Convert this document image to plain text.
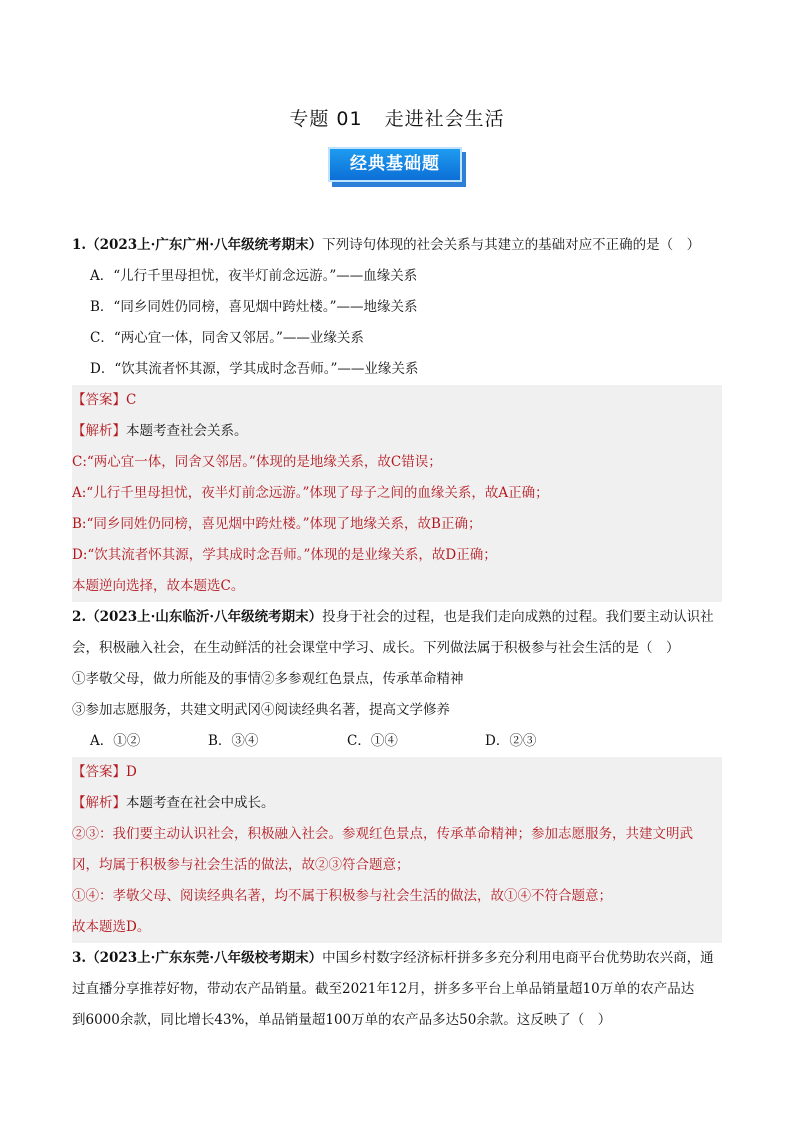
专题 01 走进社会生活
经典基础题
1.（2023上·广东广州·八年级统考期末）下列诗句体现的社会关系与其建立的基础对应不正确的是（　）
A．“儿行千里母担忧，夜半灯前念远游。”——血缘关系
B．“同乡同姓仍同榜，喜见烟中跨灶楼。”——地缘关系
C．“两心宜一体，同舍又邻居。”——业缘关系
D．“饮其流者怀其源，学其成时念吾师。”——业缘关系
【答案】C
【解析】本题考查社会关系。
C:“两心宜一体，同舍又邻居。”体现的是地缘关系，故C错误；
A:“儿行千里母担忧，夜半灯前念远游。”体现了母子之间的血缘关系，故A正确；
B:“同乡同姓仍同榜，喜见烟中跨灶楼。”体现了地缘关系，故B正确；
D:“饮其流者怀其源，学其成时念吾师。”体现的是业缘关系，故D正确；
本题逆向选择，故本题选C。
2.（2023上·山东临沂·八年级统考期末）投身于社会的过程，也是我们走向成熟的过程。我们要主动认识社
会，积极融入社会，在生动鲜活的社会课堂中学习、成长。下列做法属于积极参与社会生活的是（　）
①孝敬父母，做力所能及的事情②多参观红色景点，传承革命精神
③参加志愿服务，共建文明武冈④阅读经典名著，提高文学修养
A．①②	B．③④	C．①④	D．②③
【答案】D
【解析】本题考查在社会中成长。
②③：我们要主动认识社会，积极融入社会。参观红色景点，传承革命精神；参加志愿服务，共建文明武
冈，均属于积极参与社会生活的做法，故②③符合题意；
①④：孝敬父母、阅读经典名著，均不属于积极参与社会生活的做法，故①④不符合题意；
故本题选D。
3.（2023上·广东东莞·八年级校考期末）中国乡村数字经济标杆拼多多充分利用电商平台优势助农兴商，通
过直播分享推荐好物，带动农产品销量。截至2021年12月，拼多多平台上单品销量超10万单的农产品达
到6000余款，同比增长43%，单品销量超100万单的农产品多达50余款。这反映了（　）
